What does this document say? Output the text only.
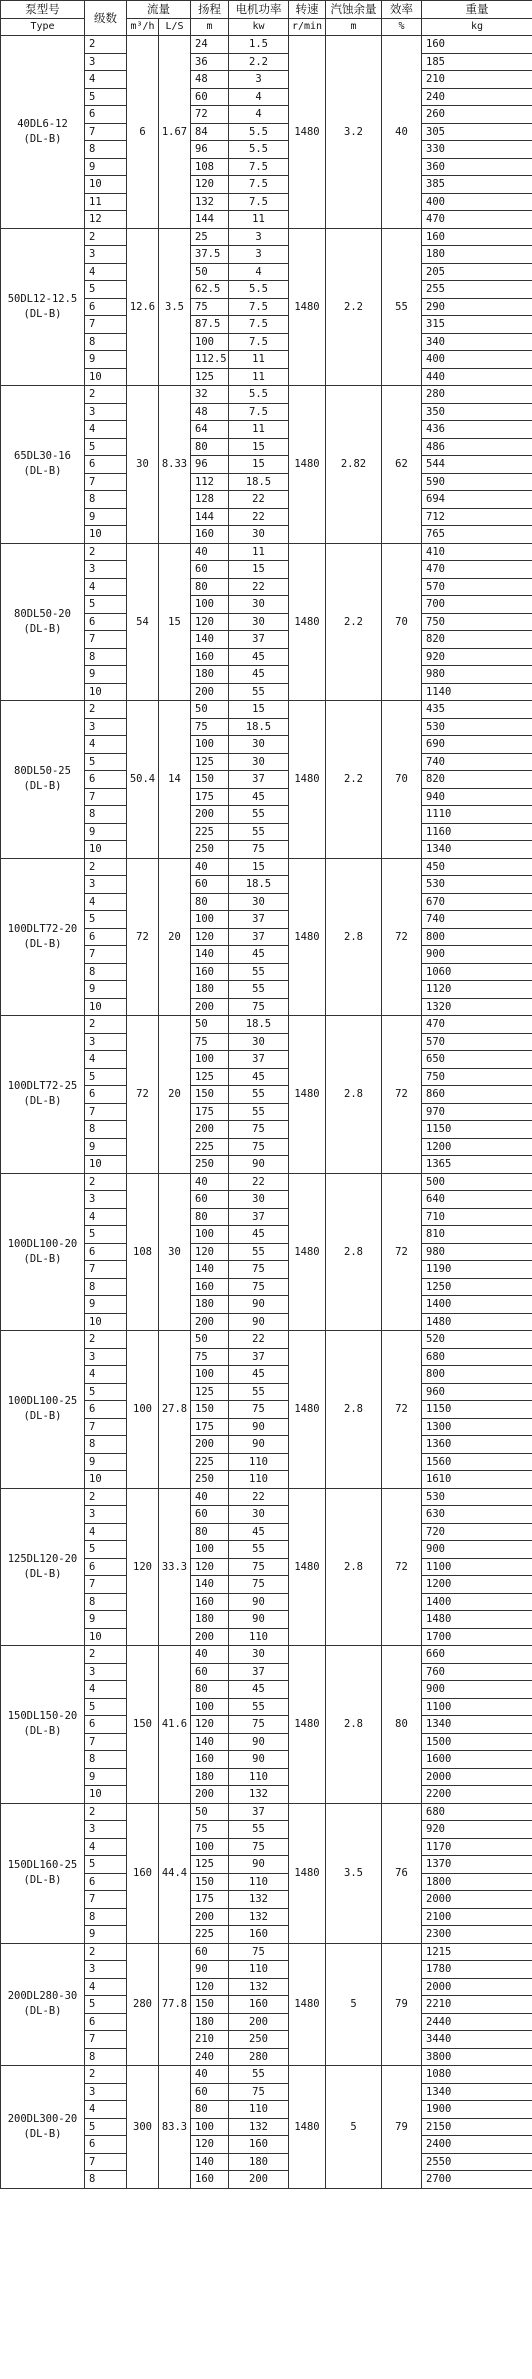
泵型号	级数	流量		扬程	电机功率	转速	汽蚀余量	效率	重量
Type		m³/h	L/S	m	kw	r/min	m	%	kg
40DL6-12
(DL-B)	2	6	1.67	24	1.5	1480	3.2	40	160
	3			36	2.2				185
	4			48	3				210
	5			60	4				240
	6			72	4				260
	7			84	5.5				305
	8			96	5.5				330
	9			108	7.5				360
	10			120	7.5				385
	11			132	7.5				400
	12			144	11				470
50DL12-12.5
(DL-B)	2	12.6	3.5	25	3	1480	2.2	55	160
	3			37.5	3				180
	4			50	4				205
	5			62.5	5.5				255
	6			75	7.5				290
	7			87.5	7.5				315
	8			100	7.5				340
	9			112.5	11				400
	10			125	11				440
65DL30-16
(DL-B)	2	30	8.33	32	5.5	1480	2.82	62	280
	3			48	7.5				350
	4			64	11				436
	5			80	15				486
	6			96	15				544
	7			112	18.5				590
	8			128	22				694
	9			144	22				712
	10			160	30				765
80DL50-20
(DL-B)	2	54	15	40	11	1480	2.2	70	410
	3			60	15				470
	4			80	22				570
	5			100	30				700
	6			120	30				750
	7			140	37				820
	8			160	45				920
	9			180	45				980
	10			200	55				1140
80DL50-25
(DL-B)	2	50.4	14	50	15	1480	2.2	70	435
	3			75	18.5				530
	4			100	30				690
	5			125	30				740
	6			150	37				820
	7			175	45				940
	8			200	55				1110
	9			225	55				1160
	10			250	75				1340
100DLT72-20
(DL-B)	2	72	20	40	15	1480	2.8	72	450
	3			60	18.5				530
	4			80	30				670
	5			100	37				740
	6			120	37				800
	7			140	45				900
	8			160	55				1060
	9			180	55				1120
	10			200	75				1320
100DLT72-25
(DL-B)	2	72	20	50	18.5	1480	2.8	72	470
	3			75	30				570
	4			100	37				650
	5			125	45				750
	6			150	55				860
	7			175	55				970
	8			200	75				1150
	9			225	75				1200
	10			250	90				1365
100DL100-20
(DL-B)	2	108	30	40	22	1480	2.8	72	500
	3			60	30				640
	4			80	37				710
	5			100	45				810
	6			120	55				980
	7			140	75				1190
	8			160	75				1250
	9			180	90				1400
	10			200	90				1480
100DL100-25
(DL-B)	2	100	27.8	50	22	1480	2.8	72	520
	3			75	37				680
	4			100	45				800
	5			125	55				960
	6			150	75				1150
	7			175	90				1300
	8			200	90				1360
	9			225	110				1560
	10			250	110				1610
125DL120-20
(DL-B)	2	120	33.3	40	22	1480	2.8	72	530
	3			60	30				630
	4			80	45				720
	5			100	55				900
	6			120	75				1100
	7			140	75				1200
	8			160	90				1400
	9			180	90				1480
	10			200	110				1700
150DL150-20
(DL-B)	2	150	41.6	40	30	1480	2.8	80	660
	3			60	37				760
	4			80	45				900
	5			100	55				1100
	6			120	75				1340
	7			140	90				1500
	8			160	90				1600
	9			180	110				2000
	10			200	132				2200
150DL160-25
(DL-B)	2	160	44.4	50	37	1480	3.5	76	680
	3			75	55				920
	4			100	75				1170
	5			125	90				1370
	6			150	110				1800
	7			175	132				2000
	8			200	132				2100
	9			225	160				2300
200DL280-30
(DL-B)	2	280	77.8	60	75	1480	5	79	1215
	3			90	110				1780
	4			120	132				2000
	5			150	160				2210
	6			180	200				2440
	7			210	250				3440
	8			240	280				3800
200DL300-20
(DL-B)	2	300	83.3	40	55	1480	5	79	1080
	3			60	75				1340
	4			80	110				1900
	5			100	132				2150
	6			120	160				2400
	7			140	180				2550
	8			160	200				2700
